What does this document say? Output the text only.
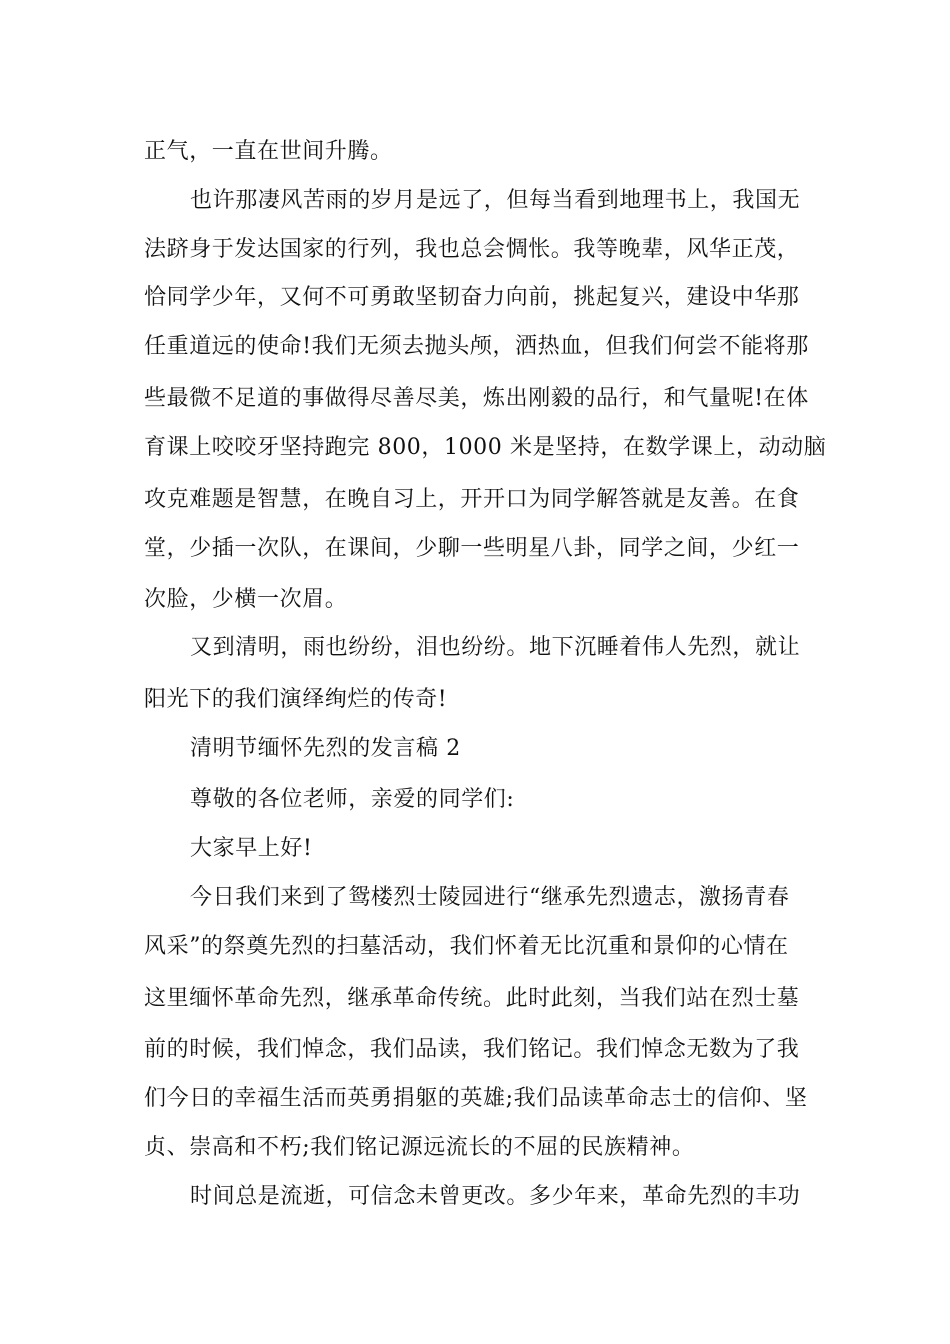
正气，一直在世间升腾。
也许那凄风苦雨的岁月是远了，但每当看到地理书上，我国无
法跻身于发达国家的行列，我也总会惆怅。我等晚辈，风华正茂，
恰同学少年，又何不可勇敢坚韧奋力向前，挑起复兴，建设中华那
任重道远的使命!我们无须去抛头颅，洒热血，但我们何尝不能将那
些最微不足道的事做得尽善尽美，炼出刚毅的品行，和气量呢!在体
育课上咬咬牙坚持跑完 800，1000 米是坚持，在数学课上，动动脑
攻克难题是智慧，在晚自习上，开开口为同学解答就是友善。在食
堂，少插一次队，在课间，少聊一些明星八卦，同学之间，少红一
次脸，少横一次眉。
又到清明，雨也纷纷，泪也纷纷。地下沉睡着伟人先烈，就让
阳光下的我们演绎绚烂的传奇!
清明节缅怀先烈的发言稿 2
尊敬的各位老师，亲爱的同学们:
大家早上好!
今日我们来到了鸳楼烈士陵园进行“继承先烈遗志，激扬青春
风采”的祭奠先烈的扫墓活动，我们怀着无比沉重和景仰的心情在
这里缅怀革命先烈，继承革命传统。此时此刻，当我们站在烈士墓
前的时候，我们悼念，我们品读，我们铭记。我们悼念无数为了我
们今日的幸福生活而英勇捐躯的英雄;我们品读革命志士的信仰、坚
贞、崇高和不朽;我们铭记源远流长的不屈的民族精神。
时间总是流逝，可信念未曾更改。多少年来，革命先烈的丰功
